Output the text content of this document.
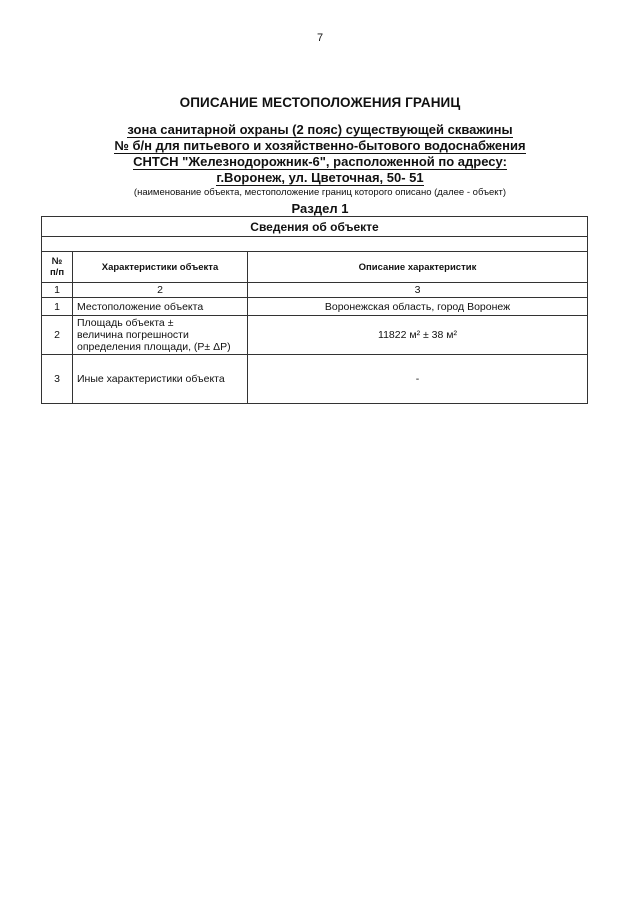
7
ОПИСАНИЕ МЕСТОПОЛОЖЕНИЯ ГРАНИЦ
зона санитарной охраны (2 пояс) существующей скважины
№ б/н для питьевого и хозяйственно-бытового водоснабжения
СНТСН "Железнодорожник-6", расположенной по адресу:
г.Воронеж, ул. Цветочная, 50- 51
(наименование объекта, местоположение границ которого описано (далее - объект)
Раздел 1
Сведения об объекте		

№
п/п	Характеристики объекта	Описание характеристик
1	2	3
1	Местоположение объекта	Воронежская область, город Воронеж
2	Площадь объекта ±
величина погрешности
определения площади, (P± ΔP)	11822 м² ± 38 м²
3	Иные характеристики объекта	-
